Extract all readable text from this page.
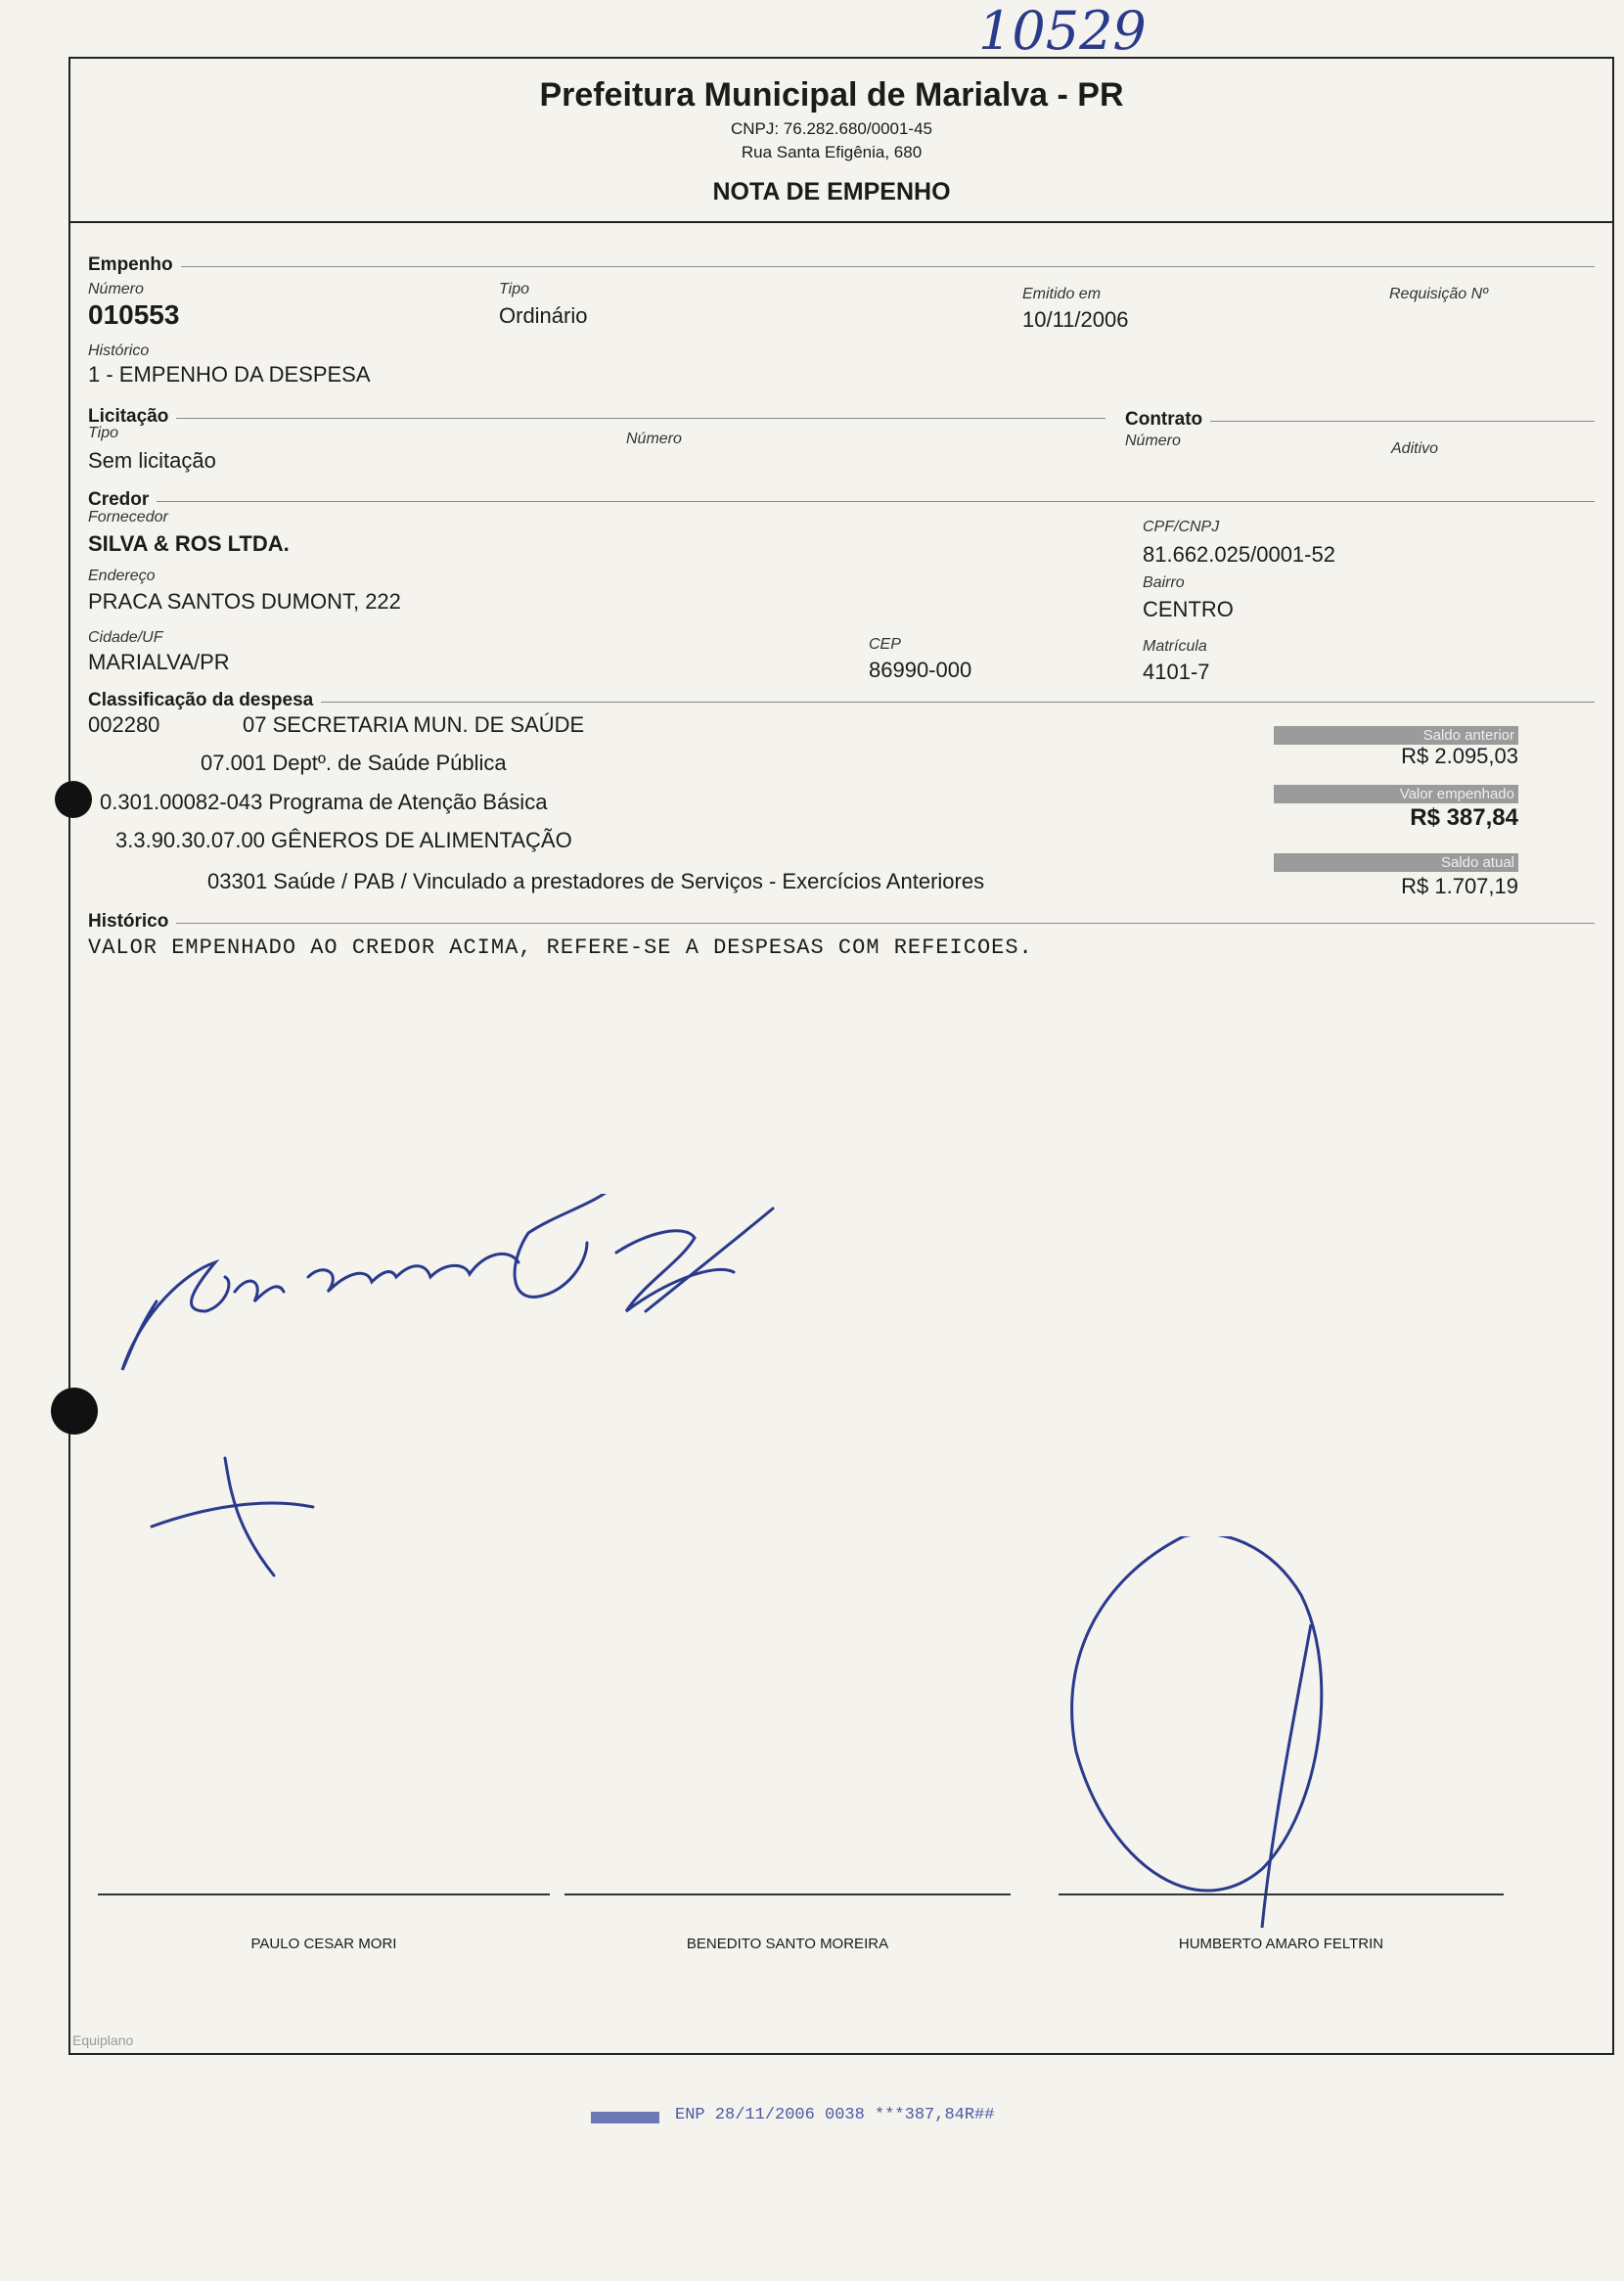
10529
Prefeitura Municipal de Marialva - PR
CNPJ: 76.282.680/0001-45
Rua Santa Efigênia, 680
NOTA DE EMPENHO
Empenho
Número
010553
Tipo
Ordinário
Emitido em
10/11/2006
Requisição Nº
Histórico
1 - EMPENHO DA DESPESA
Licitação
Tipo
Sem licitação
Número
Contrato
Número	Aditivo
Credor
Fornecedor
SILVA & ROS LTDA.
CPF/CNPJ
81.662.025/0001-52
Endereço
PRACA SANTOS DUMONT, 222
Bairro
CENTRO
Cidade/UF
MARIALVA/PR
CEP
86990-000
Matrícula
4101-7
Classificação da despesa
002280	07 SECRETARIA MUN. DE SAÚDE
07.001 Deptº. de Saúde Pública
0.301.00082-043 Programa de Atenção Básica
3.3.90.30.07.00 GÊNEROS DE ALIMENTAÇÃO
03301 Saúde / PAB / Vinculado a prestadores de Serviços - Exercícios Anteriores
Saldo anterior
R$ 2.095,03
Valor empenhado
R$ 387,84
Saldo atual
R$ 1.707,19
Histórico
VALOR EMPENHADO AO CREDOR ACIMA, REFERE-SE A DESPESAS COM REFEICOES.
PAULO CESAR MORI	BENEDITO SANTO MOREIRA	HUMBERTO AMARO FELTRIN
Equiplano
ENP 28/11/2006 0038 ***387,84R##
